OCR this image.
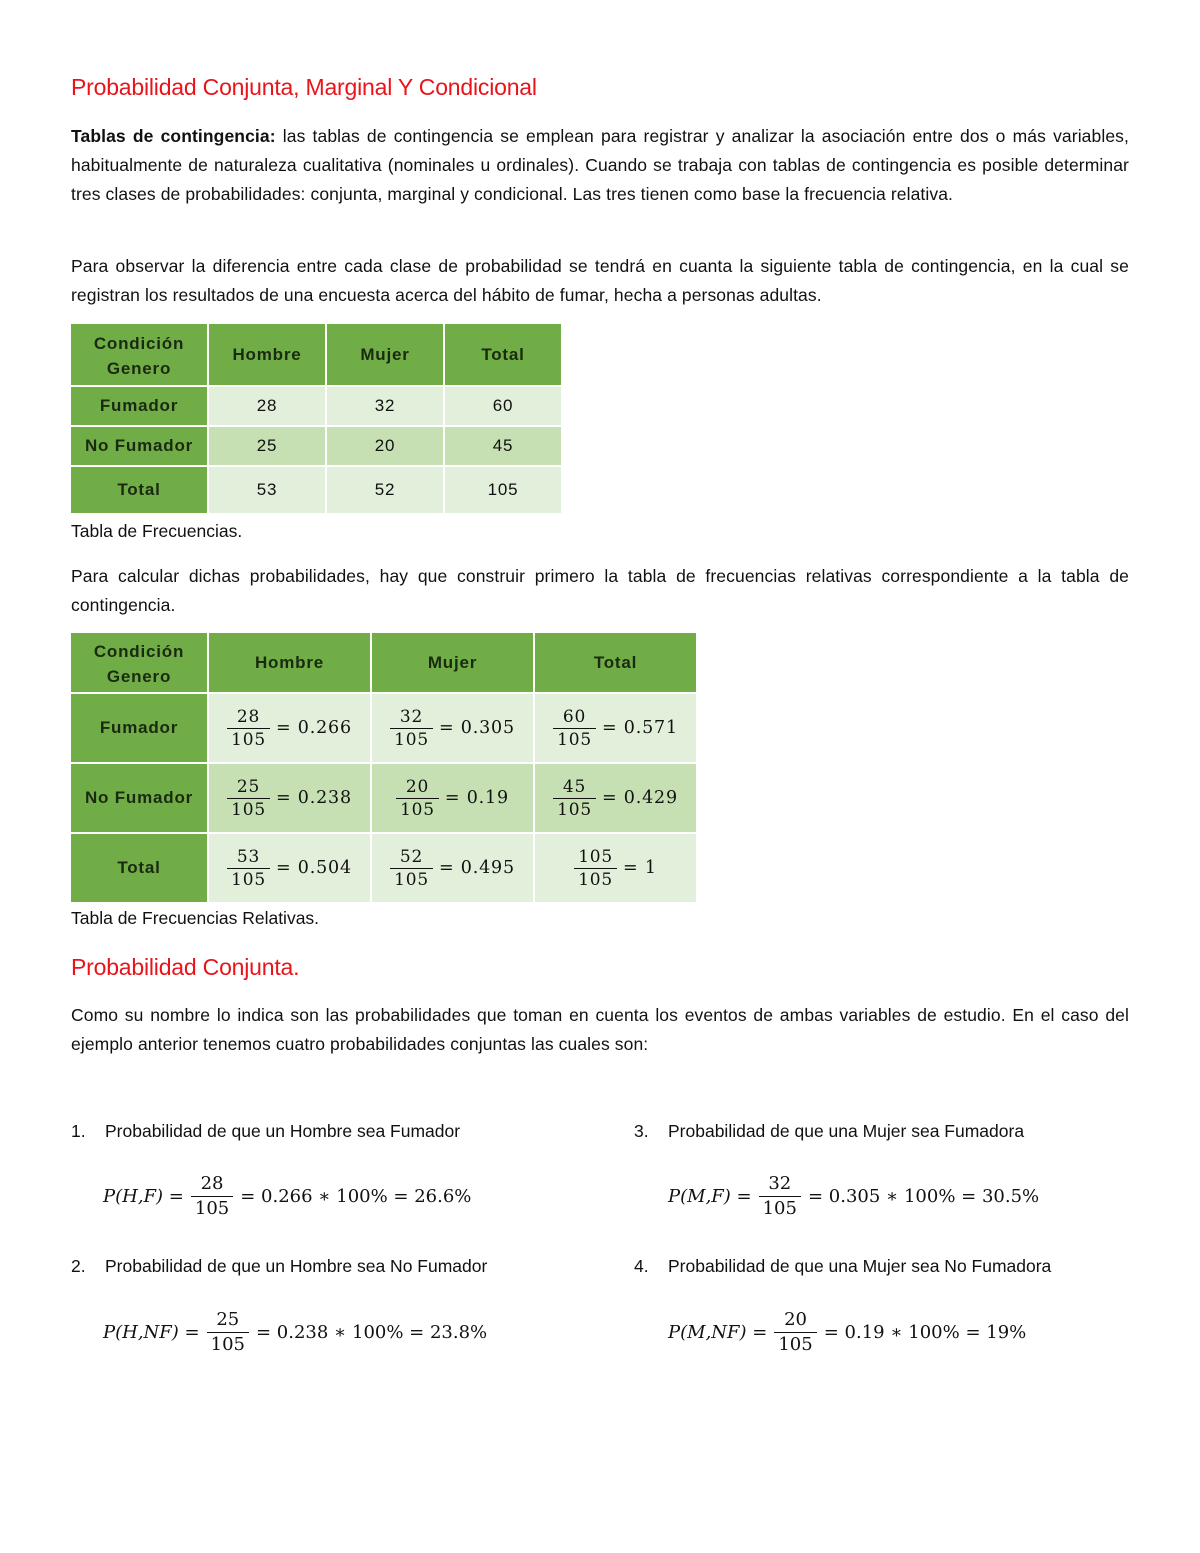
Probabilidad Conjunta, Marginal Y Condicional

Tablas de contingencia: las tablas de contingencia se emplean para registrar y analizar la asociación entre dos o más variables, habitualmente de naturaleza cualitativa (nominales u ordinales). Cuando se trabaja con tablas de contingencia es posible determinar tres clases de probabilidades: conjunta, marginal y condicional. Las tres tienen como base la frecuencia relativa.

Para observar la diferencia entre cada clase de probabilidad se tendrá en cuanta la siguiente tabla de contingencia, en la cual se registran los resultados de una encuesta acerca del hábito de fumar, hecha a personas adultas.

Condición Genero	Hombre	Mujer	Total
Fumador	28	32	60
No Fumador	25	20	45
Total	53	52	105

Tabla de Frecuencias.

Para calcular dichas probabilidades, hay que construir primero la tabla de frecuencias relativas correspondiente a la tabla de contingencia.

Condición Genero	Hombre	Mujer	Total
Fumador	$\frac{28}{105} = 0.266$	$\frac{32}{105} = 0.305$	$\frac{60}{105} = 0.571$

No Fumador	$\frac{25}{105} = 0.238$	$\frac{20}{105} = 0.19$	$\frac{45}{105} = 0.429$

Total	$\frac{53}{105} = 0.504$	$\frac{52}{105} = 0.495$	$\frac{105}{105} = 1$

Tabla de Frecuencias Relativas.

Probabilidad Conjunta.

Como su nombre lo indica son las probabilidades que toman en cuenta los eventos de ambas variables de estudio. En el caso del ejemplo anterior tenemos cuatro probabilidades conjuntas las cuales son:

1. Probabilidad de que un Hombre sea Fumador
$P(H,F) = \frac{28}{105} = 0.266$ ∗ 100% = 26.6%
2. Probabilidad de que un Hombre sea No Fumador
$P(H,NF) = \frac{25}{105} = 0.238$ ∗ 100% = 23.8%
3. Probabilidad de que una Mujer sea Fumadora
$P(M,F) = \frac{32}{105} = 0.305$ ∗ 100% = 30.5%
4. Probabilidad de que una Mujer sea No Fumadora
$P(M,NF) = \frac{20}{105} = 0.19$ ∗ 100% = 19%
